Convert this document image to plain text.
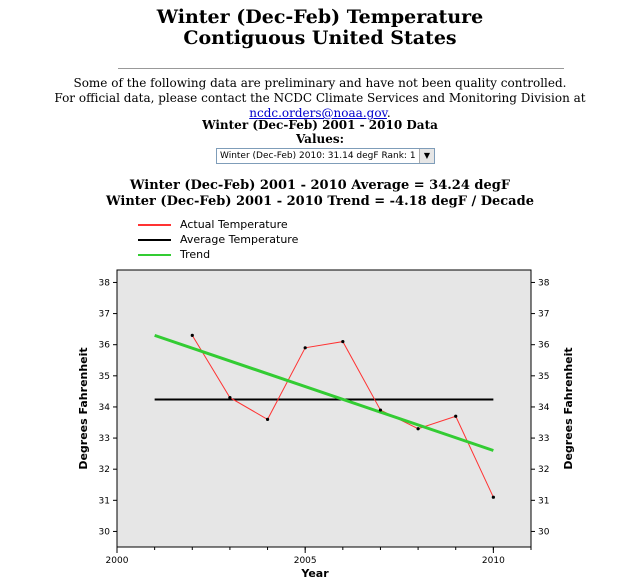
Winter (Dec-Feb) Temperature
Contiguous United States
Some of the following data are preliminary and have not been quality controlled.
For official data, please contact the NCDC Climate Services and Monitoring Division at ncdc.orders@noaa.gov.
Winter (Dec-Feb) 2001 - 2010 Data
Values:
Winter (Dec-Feb) 2010: 31.14 degF Rank: 1	▼
Winter (Dec-Feb) 2001 - 2010 Average = 34.24 degF
Winter (Dec-Feb) 2001 - 2010 Trend = -4.18 degF / Decade
Actual Temperature
Average Temperature
Trend
30	30
31	31
32	32
33	33
34	34
35	35
36	36
37	37
38	38
2000	2005	2010
Year
Degrees Fahrenheit	Degrees Fahrenheit
